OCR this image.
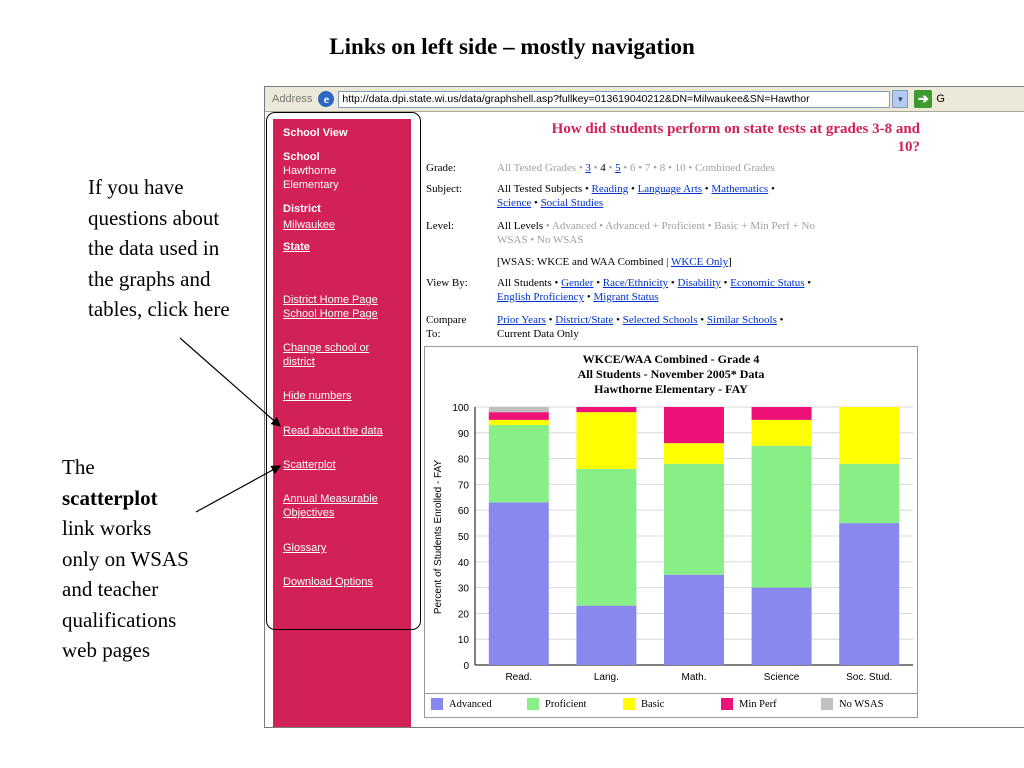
Links on left side – mostly navigation
If you have questions about the data used in the graphs and tables, click here
The scatterplot link works only on WSAS and teacher qualifications web pages
Address e	http://data.dpi.state.wi.us/data/graphshell.asp?fullkey=013619040212&DN=Milwaukee&SN=Hawthor	▼	➔ G
School View
School
Hawthorne
Elementary
District
Milwaukee
State
District Home Page
School Home Page
Change school or
district
Hide numbers
Read about the data
Scatterplot
Annual Measurable
Objectives
Glossary
Download Options
How did students perform on state tests at grades 3-8 and
10?
Grade:	All Tested Grades • 3 • 4 • 5 • 6 • 7 • 8 • 10 • Combined Grades
Subject:	All Tested Subjects • Reading • Language Arts • Mathematics •
Science • Social Studies
Level:	All Levels • Advanced • Advanced + Proficient • Basic + Min Perf + No
WSAS • No WSAS
[WSAS: WKCE and WAA Combined | WKCE Only]
View By:	All Students • Gender • Race/Ethnicity • Disability • Economic Status •
English Proficiency • Migrant Status
Compare
To:
Prior Years • District/State • Selected Schools • Similar Schools •
Current Data Only
WKCE/WAA Combined - Grade 4
All Students - November 2005* Data
Hawthorne Elementary - FAY
Percent of Students Enrolled - FAY
0
10
20
30
40
50
60
70
80
90
100
Read.	Lang.	Math.	Science	Soc. Stud.
Advanced	Proficient	Basic	Min Perf	No WSAS
